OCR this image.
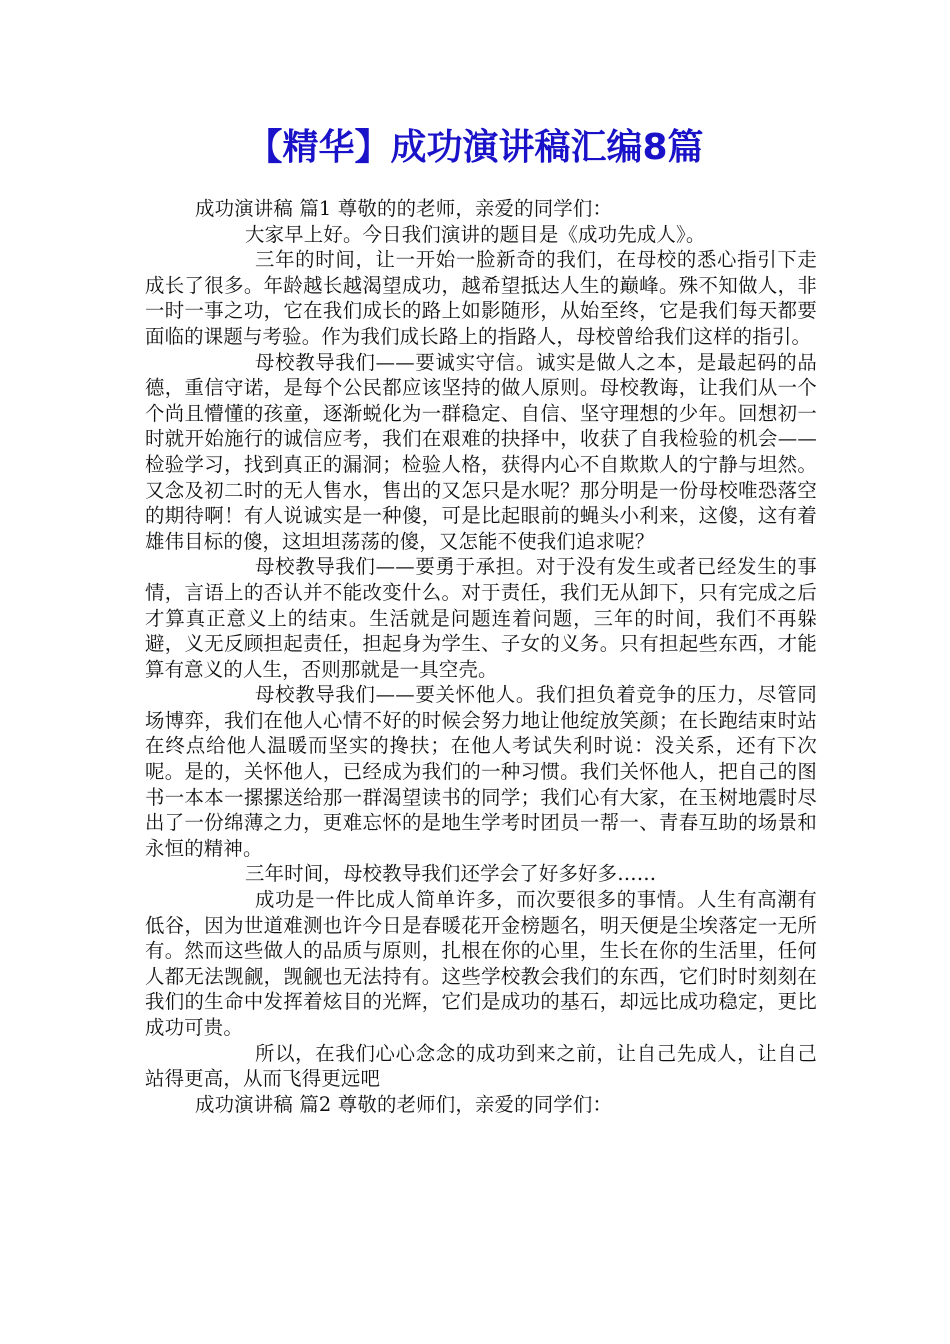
【精华】成功演讲稿汇编8篇

成功演讲稿 篇1 尊敬的的老师，亲爱的同学们：

大家早上好。今日我们演讲的题目是《成功先成人》。

三年的时间，让一开始一脸新奇的我们，在母校的悉心指引下走成长了很多。年龄越长越渴望成功，越希望抵达人生的巅峰。殊不知做人，非一时一事之功，它在我们成长的路上如影随形，从始至终，它是我们每天都要面临的课题与考验。作为我们成长路上的指路人，母校曾给我们这样的指引。

母校教导我们——要诚实守信。诚实是做人之本，是最起码的品德，重信守诺，是每个公民都应该坚持的做人原则。母校教诲，让我们从一个个尚且懵懂的孩童，逐渐蜕化为一群稳定、自信、坚守理想的少年。回想初一时就开始施行的诚信应考，我们在艰难的抉择中，收获了自我检验的机会——检验学习，找到真正的漏洞；检验人格，获得内心不自欺欺人的宁静与坦然。又念及初二时的无人售水，售出的又怎只是水呢？那分明是一份母校唯恐落空的期待啊！有人说诚实是一种傻，可是比起眼前的蝇头小利来，这傻，这有着雄伟目标的傻，这坦坦荡荡的傻，又怎能不使我们追求呢？

母校教导我们——要勇于承担。对于没有发生或者已经发生的事情，言语上的否认并不能改变什么。对于责任，我们无从卸下，只有完成之后才算真正意义上的结束。生活就是问题连着问题，三年的时间，我们不再躲避，义无反顾担起责任，担起身为学生、子女的义务。只有担起些东西，才能算有意义的人生，否则那就是一具空壳。

母校教导我们——要关怀他人。我们担负着竞争的压力，尽管同场博弈，我们在他人心情不好的时候会努力地让他绽放笑颜；在长跑结束时站在终点给他人温暖而坚实的搀扶；在他人考试失利时说：没关系，还有下次呢。是的，关怀他人，已经成为我们的一种习惯。我们关怀他人，把自己的图书一本本一摞摞送给那一群渴望读书的同学；我们心有大家，在玉树地震时尽出了一份绵薄之力，更难忘怀的是地生学考时团员一帮一、青春互助的场景和永恒的精神。

三年时间，母校教导我们还学会了好多好多……

成功是一件比成人简单许多，而次要很多的事情。人生有高潮有低谷，因为世道难测也许今日是春暖花开金榜题名，明天便是尘埃落定一无所有。然而这些做人的品质与原则，扎根在你的心里，生长在你的生活里，任何人都无法觊觎，觊觎也无法持有。这些学校教会我们的东西，它们时时刻刻在我们的生命中发挥着炫目的光辉，它们是成功的基石，却远比成功稳定，更比成功可贵。

所以，在我们心心念念的成功到来之前，让自己先成人，让自己站得更高，从而飞得更远吧

成功演讲稿 篇2 尊敬的老师们，亲爱的同学们：
